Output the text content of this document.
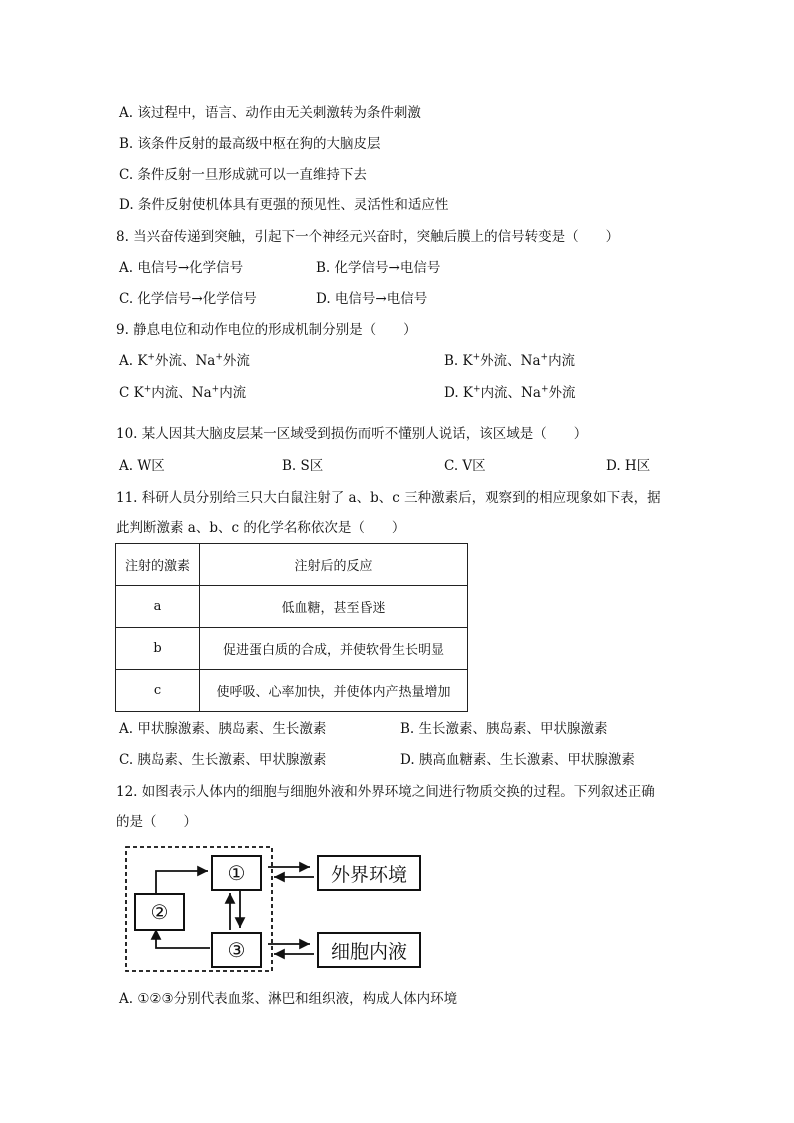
A. 该过程中，语言、动作由无关刺激转为条件刺激
B. 该条件反射的最高级中枢在狗的大脑皮层
C. 条件反射一旦形成就可以一直维持下去
D. 条件反射使机体具有更强的预见性、灵活性和适应性
8. 当兴奋传递到突触，引起下一个神经元兴奋时，突触后膜上的信号转变是（　　）
A. 电信号→化学信号	B. 化学信号→电信号
C. 化学信号→化学信号	D. 电信号→电信号
9. 静息电位和动作电位的形成机制分别是（　　）
A. K+外流、Na+外流	B. K+外流、Na+内流
C K+内流、Na+内流	D. K+内流、Na+外流
10. 某人因其大脑皮层某一区域受到损伤而听不懂别人说话，该区域是（　　）
A. W区	B. S区	C. V区	D. H区
11. 科研人员分别给三只大白鼠注射了 a、b、c 三种激素后，观察到的相应现象如下表，据
此判断激素 a、b、c 的化学名称依次是（　　）
注射的激素	注射后的反应
a	低血糖，甚至昏迷
b	促进蛋白质的合成，并使软骨生长明显
c	使呼吸、心率加快，并使体内产热量增加
A. 甲状腺激素、胰岛素、生长激素	B. 生长激素、胰岛素、甲状腺激素
C. 胰岛素、生长激素、甲状腺激素	D. 胰高血糖素、生长激素、甲状腺激素
12. 如图表示人体内的细胞与细胞外液和外界环境之间进行物质交换的过程。下列叙述正确
的是（　　）
①
②
③
外界环境
细胞内液
A. ①②③分别代表血浆、淋巴和组织液，构成人体内环境
